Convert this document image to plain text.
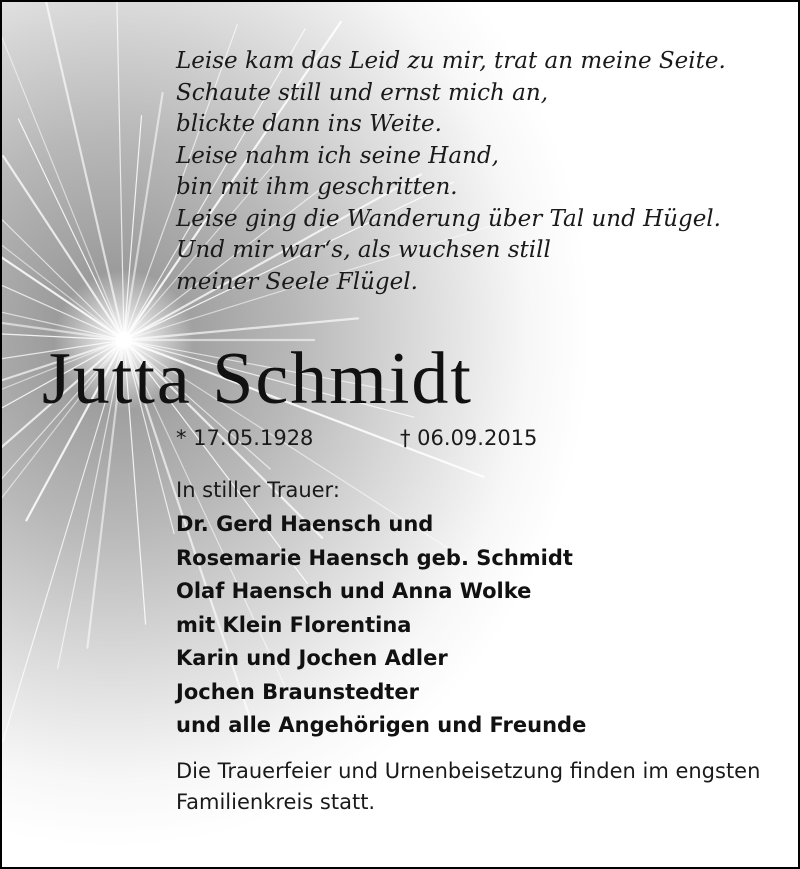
Leise kam das Leid zu mir, trat an meine Seite.
Schaute still und ernst mich an,
blickte dann ins Weite.
Leise nahm ich seine Hand,
bin mit ihm geschritten.
Leise ging die Wanderung über Tal und Hügel.
Und mir war‘s, als wuchsen still
meiner Seele Flügel.
Jutta Schmidt
* 17.05.1928	† 06.09.2015
In stiller Trauer:
Dr. Gerd Haensch und
Rosemarie Haensch geb. Schmidt
Olaf Haensch und Anna Wolke
mit Klein Florentina
Karin und Jochen Adler
Jochen Braunstedter
und alle Angehörigen und Freunde

Die Trauerfeier und Urnenbeisetzung finden im engsten Familienkreis statt.
